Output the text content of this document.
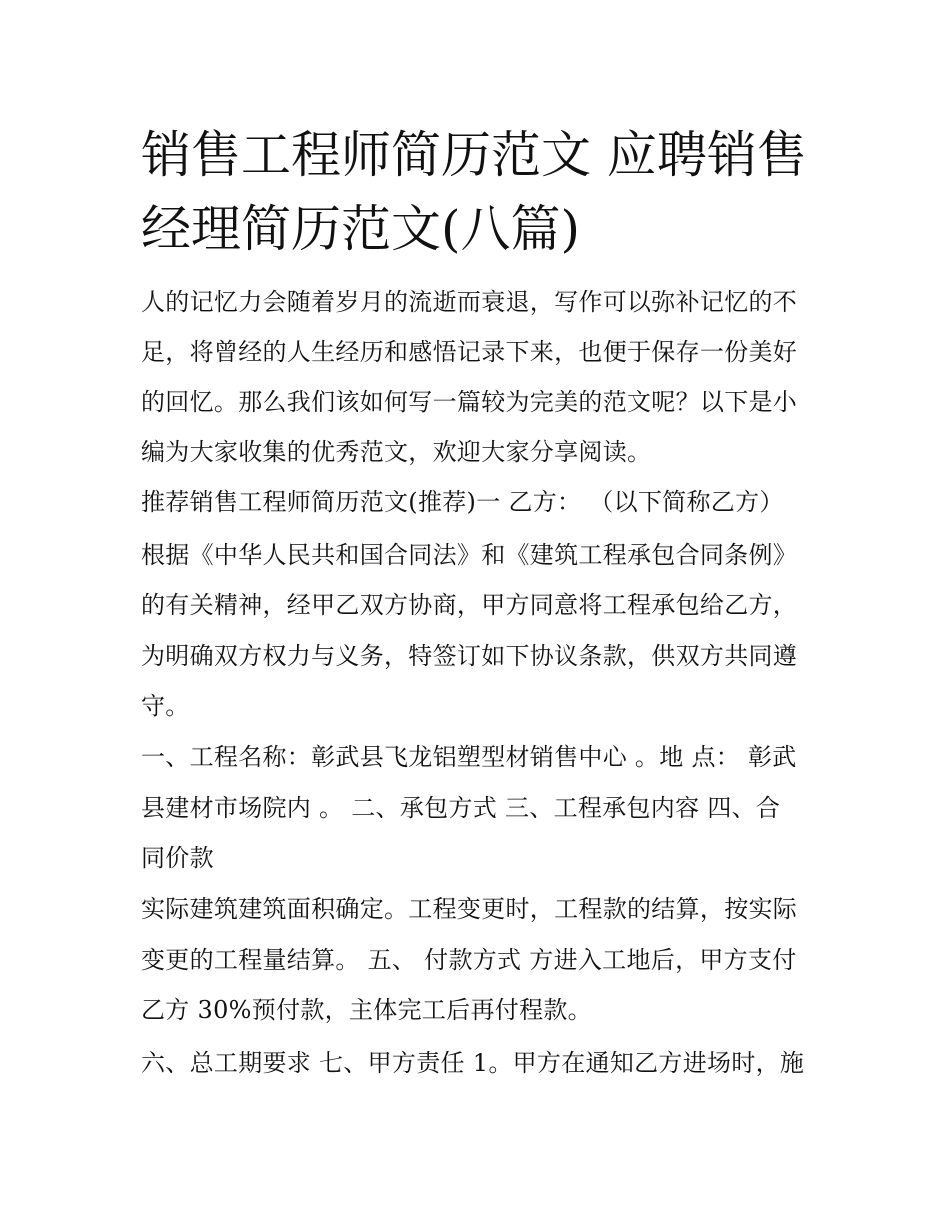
销售工程师简历范文 应聘销售
经理简历范文(八篇)
人的记忆力会随着岁月的流逝而衰退，写作可以弥补记忆的不
足，将曾经的人生经历和感悟记录下来，也便于保存一份美好
的回忆。那么我们该如何写一篇较为完美的范文呢？以下是小
编为大家收集的优秀范文，欢迎大家分享阅读。
推荐销售工程师简历范文(推荐)一 乙方： （以下简称乙方）
根据《中华人民共和国合同法》和《建筑工程承包合同条例》
的有关精神，经甲乙双方协商，甲方同意将工程承包给乙方，
为明确双方权力与义务，特签订如下协议条款，供双方共同遵
守。
一、工程名称：彰武县飞龙铝塑型材销售中心 。地 点： 彰武
县建材市场院内 。 二、承包方式 三、工程承包内容 四、合
同价款
实际建筑建筑面积确定。工程变更时，工程款的结算，按实际
变更的工程量结算。 五、 付款方式 方进入工地后，甲方支付
乙方 30%预付款，主体完工后再付程款。
六、总工期要求 七、甲方责任 1。甲方在通知乙方进场时，施
